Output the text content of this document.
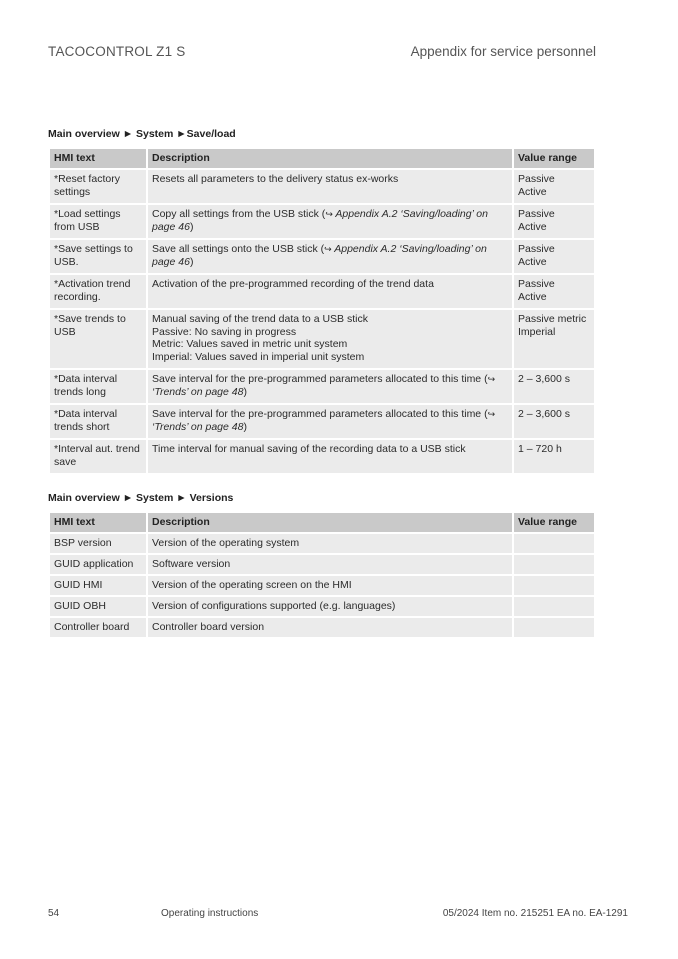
TACOCONTROL Z1 S	Appendix for service personnel
Main overview ► System ►Save/load
HMI text	Description	Value range
*Reset factory settings	Resets all parameters to the delivery status ex-works	Passive
Active
*Load settings from USB	Copy all settings from the USB stick (↪ Appendix A.2 ‘Saving/loading’ on page 46)	Passive
Active
*Save settings to USB.	Save all settings onto the USB stick (↪ Appendix A.2 ‘Saving/loading’ on page 46)	Passive
Active
*Activation trend recording.	Activation of the pre-programmed recording of the trend data	Passive
Active
*Save trends to USB	Manual saving of the trend data to a USB stick
Passive: No saving in progress
Metric: Values saved in metric unit system
Imperial: Values saved in imperial unit system	Passive metric
Imperial
*Data interval trends long	Save interval for the pre-programmed parameters allocated to this time (↪ ‘Trends’ on page 48)	2 – 3,600 s
*Data interval trends short	Save interval for the pre-programmed parameters allocated to this time (↪ ‘Trends’ on page 48)	2 – 3,600 s
*Interval aut. trend save	Time interval for manual saving of the recording data to a USB stick	1 – 720 h
Main overview ► System ► Versions
HMI text	Description	Value range
BSP version	Version of the operating system	
GUID application	Software version	
GUID HMI	Version of the operating screen on the HMI	
GUID OBH	Version of configurations supported (e.g. languages)	
Controller board	Controller board version	
54	Operating instructions	05/2024 Item no. 215251 EA no. EA-1291
